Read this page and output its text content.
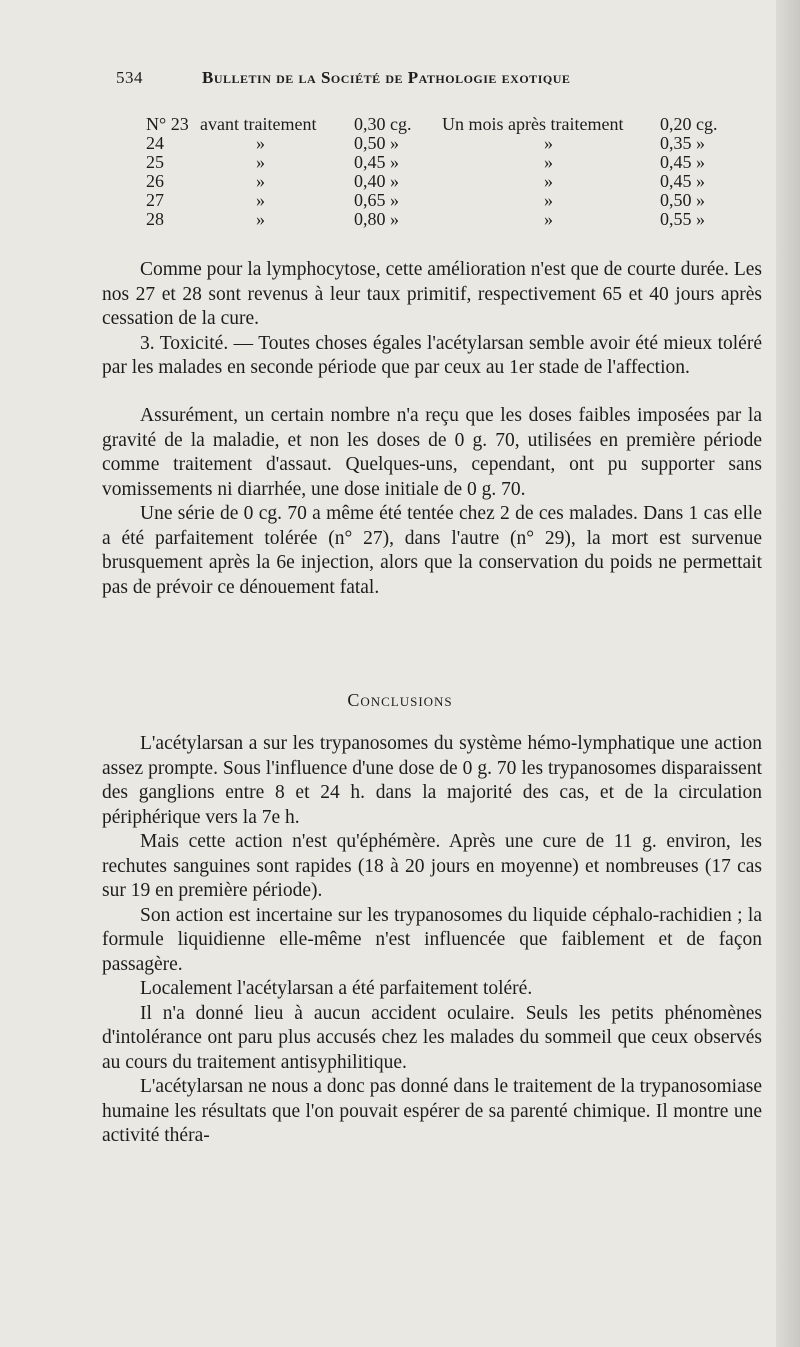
534	Bulletin de la Société de Pathologie exotique
N° 23 avant traitement 0,30 cg. Un mois après traitement 0,20 cg.
24	»	0,50 »	»	0,35 »
25	»	0,45 »	»	0,45 »
26	»	0,40 »	»	0,45 »
27	»	0,65 »	»	0,50 »
28	»	0,80 »	»	0,55 »

Comme pour la lymphocytose, cette amélioration n'est que de courte durée. Les nos 27 et 28 sont revenus à leur taux primitif, respectivement 65 et 40 jours après cessation de la cure.

3. Toxicité. — Toutes choses égales l'acétylarsan semble avoir été mieux toléré par les malades en seconde période que par ceux au 1er stade de l'affection.

Assurément, un certain nombre n'a reçu que les doses faibles imposées par la gravité de la maladie, et non les doses de 0 g. 70, utilisées en première période comme traitement d'assaut. Quelques-uns, cependant, ont pu supporter sans vomissements ni diarrhée, une dose initiale de 0 g. 70.

Une série de 0 cg. 70 a même été tentée chez 2 de ces malades. Dans 1 cas elle a été parfaitement tolérée (n° 27), dans l'autre (n° 29), la mort est survenue brusquement après la 6e injection, alors que la conservation du poids ne permettait pas de prévoir ce dénouement fatal.

Conclusions

L'acétylarsan a sur les trypanosomes du système hémo-lymphatique une action assez prompte. Sous l'influence d'une dose de 0 g. 70 les trypanosomes disparaissent des ganglions entre 8 et 24 h. dans la majorité des cas, et de la circulation périphérique vers la 7e h.

Mais cette action n'est qu'éphémère. Après une cure de 11 g. environ, les rechutes sanguines sont rapides (18 à 20 jours en moyenne) et nombreuses (17 cas sur 19 en première période).

Son action est incertaine sur les trypanosomes du liquide céphalo-rachidien ; la formule liquidienne elle-même n'est influencée que faiblement et de façon passagère.

Localement l'acétylarsan a été parfaitement toléré.

Il n'a donné lieu à aucun accident oculaire. Seuls les petits phénomènes d'intolérance ont paru plus accusés chez les malades du sommeil que ceux observés au cours du traitement antisyphilitique.

L'acétylarsan ne nous a donc pas donné dans le traitement de la trypanosomiase humaine les résultats que l'on pouvait espérer de sa parenté chimique. Il montre une activité théra-
